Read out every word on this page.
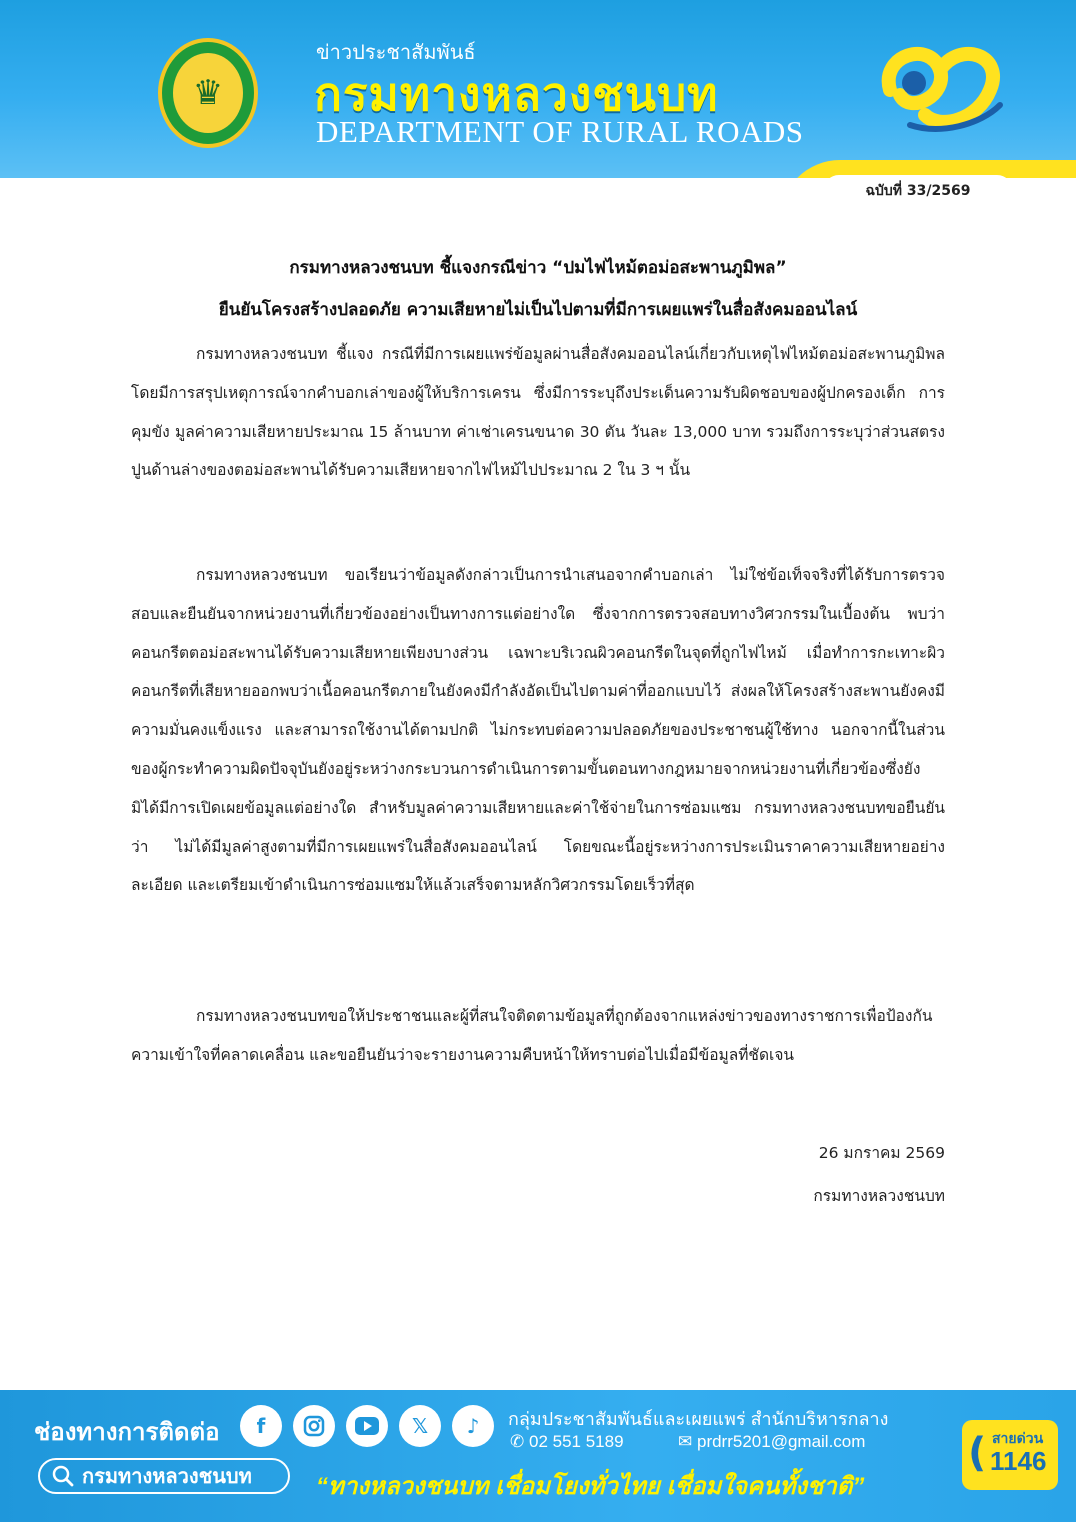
♛
ข่าวประชาสัมพันธ์
กรมทางหลวงชนบท
DEPARTMENT OF RURAL ROADS
ฉบับที่ 33/2569
กรมทางหลวงชนบท ชี้แจงกรณีข่าว “ปมไฟไหม้ตอม่อสะพานภูมิพล”
ยืนยันโครงสร้างปลอดภัย ความเสียหายไม่เป็นไปตามที่มีการเผยแพร่ในสื่อสังคมออนไลน์
กรมทางหลวงชนบท ชี้แจง กรณีที่มีการเผยแพร่ข้อมูลผ่านสื่อสังคมออนไลน์เกี่ยวกับเหตุไฟไหม้ตอม่อสะพานภูมิพล โดยมีการสรุปเหตุการณ์จากคำบอกเล่าของผู้ให้บริการเครน ซึ่งมีการระบุถึงประเด็นความรับผิดชอบของผู้ปกครองเด็ก การคุมขัง มูลค่าความเสียหายประมาณ 15 ล้านบาท ค่าเช่าเครนขนาด 30 ตัน วันละ 13,000 บาท รวมถึงการระบุว่าส่วนสตรงปูนด้านล่างของตอม่อสะพานได้รับความเสียหายจากไฟไหม้ไปประมาณ 2 ใน 3 ฯ นั้น
กรมทางหลวงชนบท ขอเรียนว่าข้อมูลดังกล่าวเป็นการนำเสนอจากคำบอกเล่า ไม่ใช่ข้อเท็จจริงที่ได้รับการตรวจสอบและยืนยันจากหน่วยงานที่เกี่ยวข้องอย่างเป็นทางการแต่อย่างใด ซึ่งจากการตรวจสอบทางวิศวกรรมในเบื้องต้น พบว่า คอนกรีตตอม่อสะพานได้รับความเสียหายเพียงบางส่วน เฉพาะบริเวณผิวคอนกรีตในจุดที่ถูกไฟไหม้ เมื่อทำการกะเทาะผิวคอนกรีตที่เสียหายออกพบว่าเนื้อคอนกรีตภายในยังคงมีกำลังอัดเป็นไปตามค่าที่ออกแบบไว้ ส่งผลให้โครงสร้างสะพานยังคงมีความมั่นคงแข็งแรง และสามารถใช้งานได้ตามปกติ ไม่กระทบต่อความปลอดภัยของประชาชนผู้ใช้ทาง นอกจากนี้ในส่วนของผู้กระทำความผิดปัจจุบันยังอยู่ระหว่างกระบวนการดำเนินการตามขั้นตอนทางกฎหมายจากหน่วยงานที่เกี่ยวข้องซึ่งยังมิได้มีการเปิดเผยข้อมูลแต่อย่างใด สำหรับมูลค่าความเสียหายและค่าใช้จ่ายในการซ่อมแซม กรมทางหลวงชนบทขอยืนยันว่า ไม่ได้มีมูลค่าสูงตามที่มีการเผยแพร่ในสื่อสังคมออนไลน์ โดยขณะนี้อยู่ระหว่างการประเมินราคาความเสียหายอย่างละเอียด และเตรียมเข้าดำเนินการซ่อมแซมให้แล้วเสร็จตามหลักวิศวกรรมโดยเร็วที่สุด
กรมทางหลวงชนบทขอให้ประชาชนและผู้ที่สนใจติดตามข้อมูลที่ถูกต้องจากแหล่งข่าวของทางราชการเพื่อป้องกันความเข้าใจที่คลาดเคลื่อน และขอยืนยันว่าจะรายงานความคืบหน้าให้ทราบต่อไปเมื่อมีข้อมูลที่ชัดเจน
26 มกราคม 2569
กรมทางหลวงชนบท
ช่องทางการติดต่อ	f	𝕏	♪
กรมทางหลวงชนบท
กลุ่มประชาสัมพันธ์และเผยแพร่ สำนักบริหารกลาง
✆ 02 551 5189	✉ prdrr5201@gmail.com
“ทางหลวงชนบท เชื่อมโยงทั่วไทย เชื่อมใจคนทั้งชาติ”
( สายด่วน
1146
